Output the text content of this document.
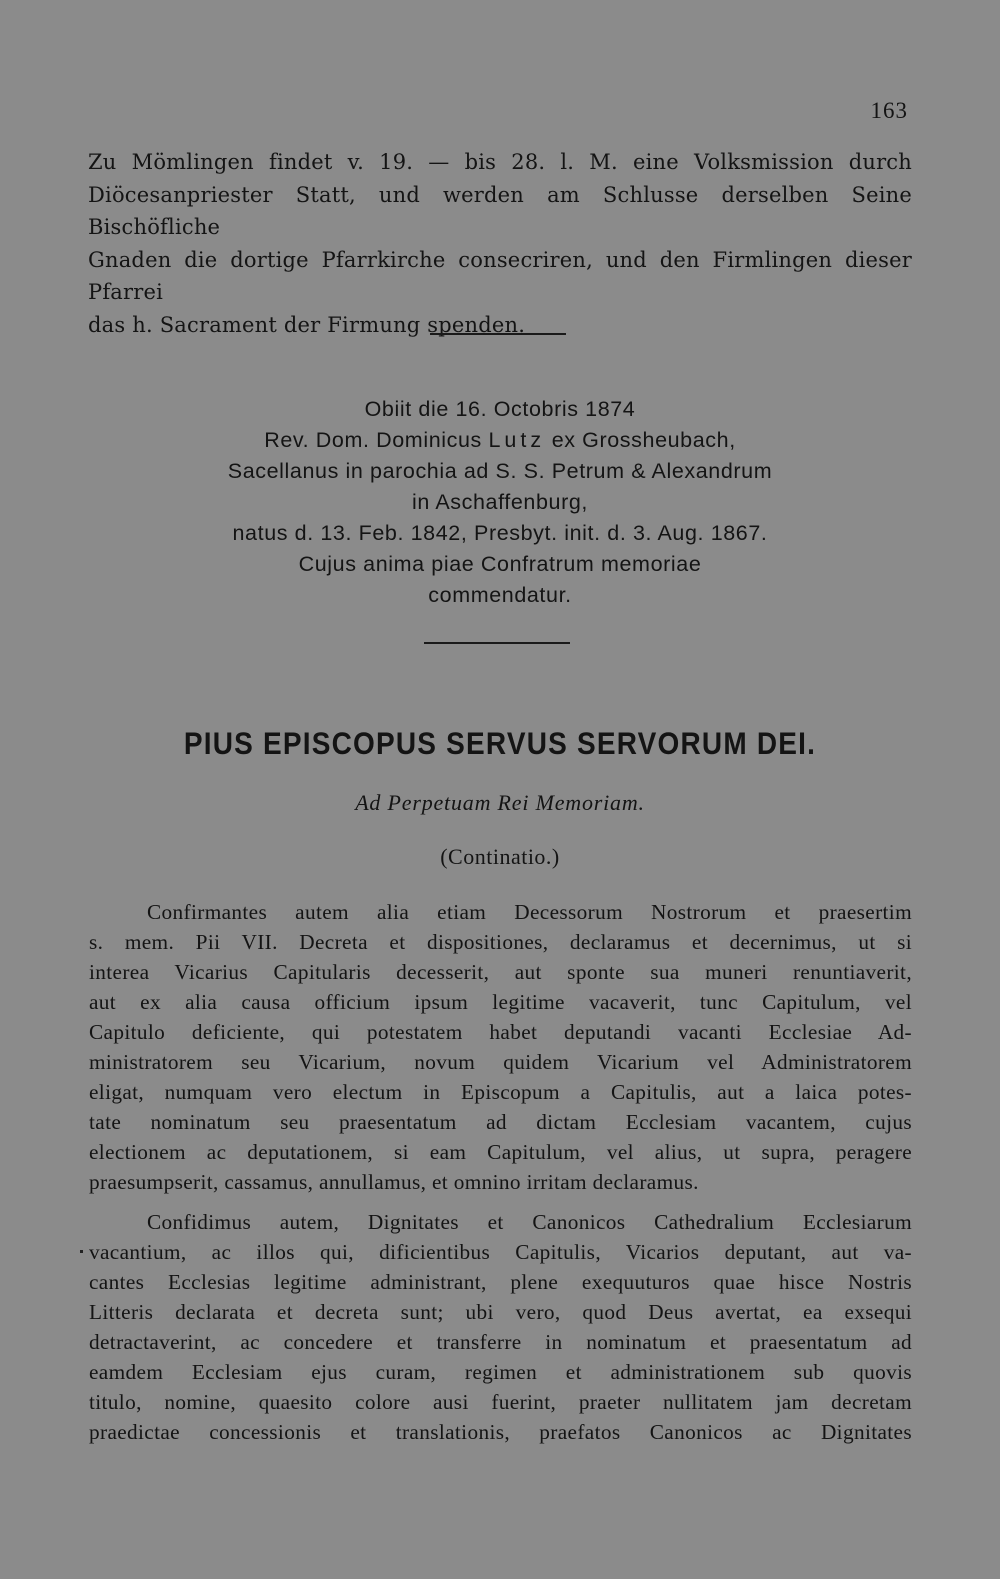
163
Zu Mömlingen findet v. 19. — bis 28. l. M. eine Volksmission durch
Diöcesanpriester Statt, und werden am Schlusse derselben Seine Bischöfliche
Gnaden die dortige Pfarrkirche consecriren, und den Firmlingen dieser Pfarrei
das h. Sacrament der Firmung spenden.
Obiit die 16. Octobris 1874
Rev. Dom. Dominicus Lutz ex Grossheubach,
Sacellanus in parochia ad S. S. Petrum & Alexandrum
in Aschaffenburg,
natus d. 13. Feb. 1842, Presbyt. init. d. 3. Aug. 1867.
Cujus anima piae Confratrum memoriae
commendatur.
PIUS EPISCOPUS SERVUS SERVORUM DEI.
Ad Perpetuam Rei Memoriam.
(Continatio.)

Confirmantes autem alia etiam Decessorum Nostrorum et praesertim
s. mem. Pii VII. Decreta et dispositiones, declaramus et decernimus, ut si
interea Vicarius Capitularis decesserit, aut sponte sua muneri renuntiaverit,
aut ex alia causa officium ipsum legitime vacaverit, tunc Capitulum, vel
Capitulo deficiente, qui potestatem habet deputandi vacanti Ecclesiae Ad-
ministratorem seu Vicarium, novum quidem Vicarium vel Administratorem
eligat, numquam vero electum in Episcopum a Capitulis, aut a laica potes-
tate nominatum seu praesentatum ad dictam Ecclesiam vacantem, cujus
electionem ac deputationem, si eam Capitulum, vel alius, ut supra, peragere
praesumpserit, cassamus, annullamus, et omnino irritam declaramus.

Confidimus autem, Dignitates et Canonicos Cathedralium Ecclesiarum
vacantium, ac illos qui, dificientibus Capitulis, Vicarios deputant, aut va-
cantes Ecclesias legitime administrant, plene exequuturos quae hisce Nostris
Litteris declarata et decreta sunt; ubi vero, quod Deus avertat, ea exsequi
detractaverint, ac concedere et transferre in nominatum et praesentatum ad
eamdem Ecclesiam ejus curam, regimen et administrationem sub quovis
titulo, nomine, quaesito colore ausi fuerint, praeter nullitatem jam decretam
praedictae concessionis et translationis, praefatos Canonicos ac Dignitates
